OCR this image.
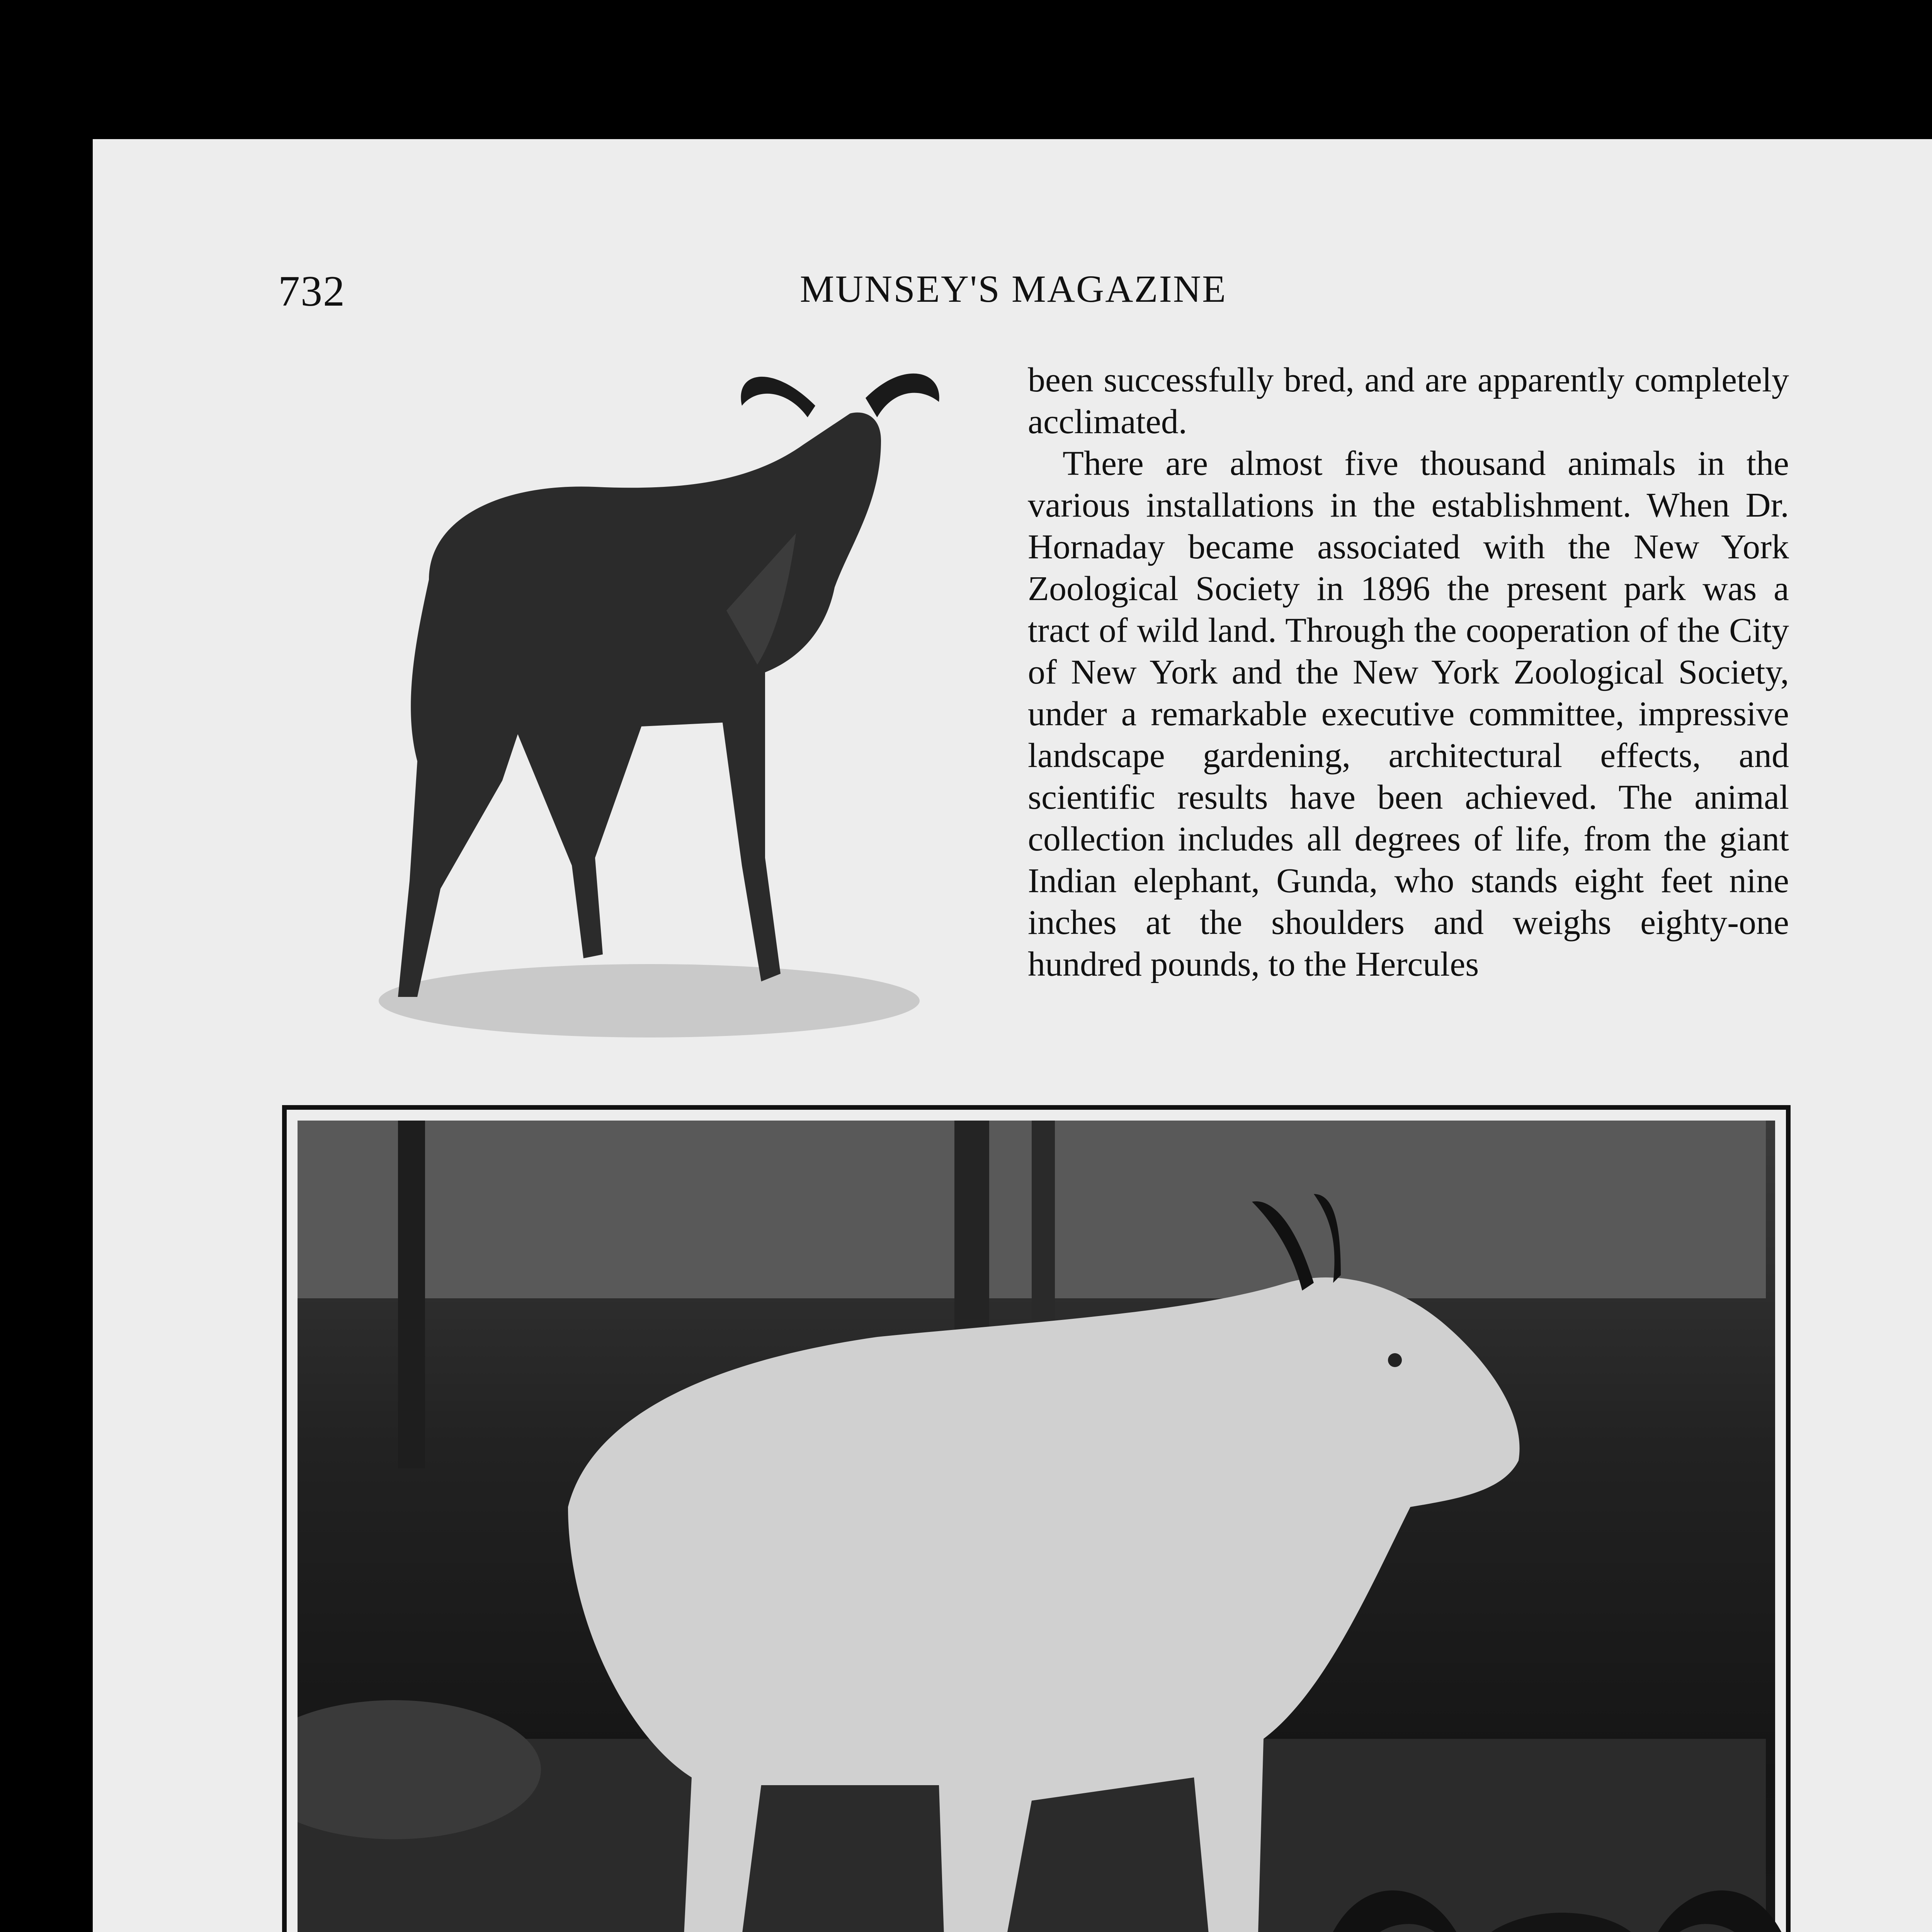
732	MUNSEY'S MAGAZINE

been successfully bred, and are apparently completely acclimated.

There are almost five thousand animals in the various installations in the establishment. When Dr. Hornaday became associated with the New York Zoological Society in 1896 the present park was a tract of wild land. Through the cooperation of the City of New York and the New York Zoological Society, under a remarkable executive committee, impressive landscape gardening, architectural effects, and scientific results have been achieved. The animal collection includes all degrees of life, from the giant Indian elephant, Gunda, who stands eight feet nine inches at the shoulders and weighs eighty-one hundred pounds, to the Hercules
